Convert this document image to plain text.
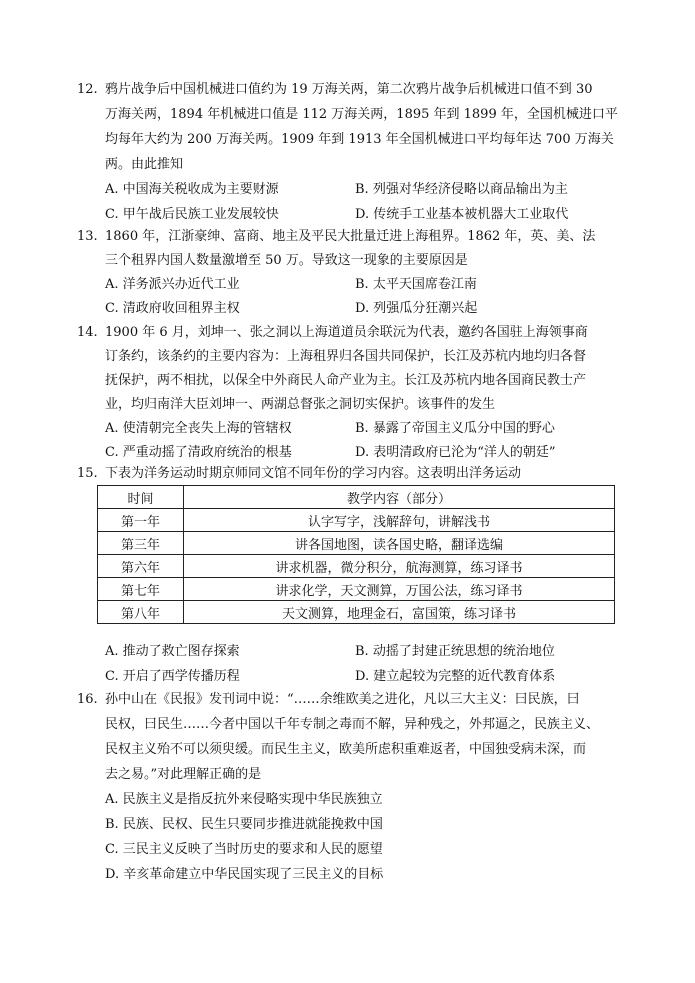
12. 鸦片战争后中国机械进口值约为 19 万海关两，第二次鸦片战争后机械进口值不到 30
万海关两，1894 年机械进口值是 112 万海关两，1895 年到 1899 年，全国机械进口平
均每年大约为 200 万海关两。1909 年到 1913 年全国机械进口平均每年达 700 万海关
两。由此推知
A. 中国海关税收成为主要财源	B. 列强对华经济侵略以商品输出为主
C. 甲午战后民族工业发展较快	D. 传统手工业基本被机器大工业取代
13. 1860 年，江浙豪绅、富商、地主及平民大批量迁进上海租界。1862 年，英、美、法
三个租界内国人数量激增至 50 万。导致这一现象的主要原因是
A. 洋务派兴办近代工业	B. 太平天国席卷江南
C. 清政府收回租界主权	D. 列强瓜分狂潮兴起
14. 1900 年 6 月，刘坤一、张之洞以上海道道员余联沅为代表，邀约各国驻上海领事商
订条约，该条约的主要内容为：上海租界归各国共同保护，长江及苏杭内地均归各督
抚保护，两不相扰，以保全中外商民人命产业为主。长江及苏杭内地各国商民教士产
业，均归南洋大臣刘坤一、两湖总督张之洞切实保护。该事件的发生
A. 使清朝完全丧失上海的管辖权	B. 暴露了帝国主义瓜分中国的野心
C. 严重动摇了清政府统治的根基	D. 表明清政府已沦为“洋人的朝廷”
15. 下表为洋务运动时期京师同文馆不同年份的学习内容。这表明出洋务运动
时间	教学内容（部分）
第一年	认字写字，浅解辞句，讲解浅书
第三年	讲各国地图，读各国史略，翻译选编
第六年	讲求机器，微分积分，航海测算，练习译书
第七年	讲求化学，天文测算，万国公法，练习译书
第八年	天文测算，地理金石，富国策，练习译书
A. 推动了救亡图存探索	B. 动摇了封建正统思想的统治地位
C. 开启了西学传播历程	D. 建立起较为完整的近代教育体系
16. 孙中山在《民报》发刊词中说：“……余维欧美之进化，凡以三大主义：曰民族，曰
民权，曰民生……今者中国以千年专制之毒而不解，异种残之，外邦逼之，民族主义、
民权主义殆不可以须臾缓。而民生主义，欧美所虑积重难返者，中国独受病未深，而
去之易。”对此理解正确的是
A. 民族主义是指反抗外来侵略实现中华民族独立
B. 民族、民权、民生只要同步推进就能挽救中国
C. 三民主义反映了当时历史的要求和人民的愿望
D. 辛亥革命建立中华民国实现了三民主义的目标
